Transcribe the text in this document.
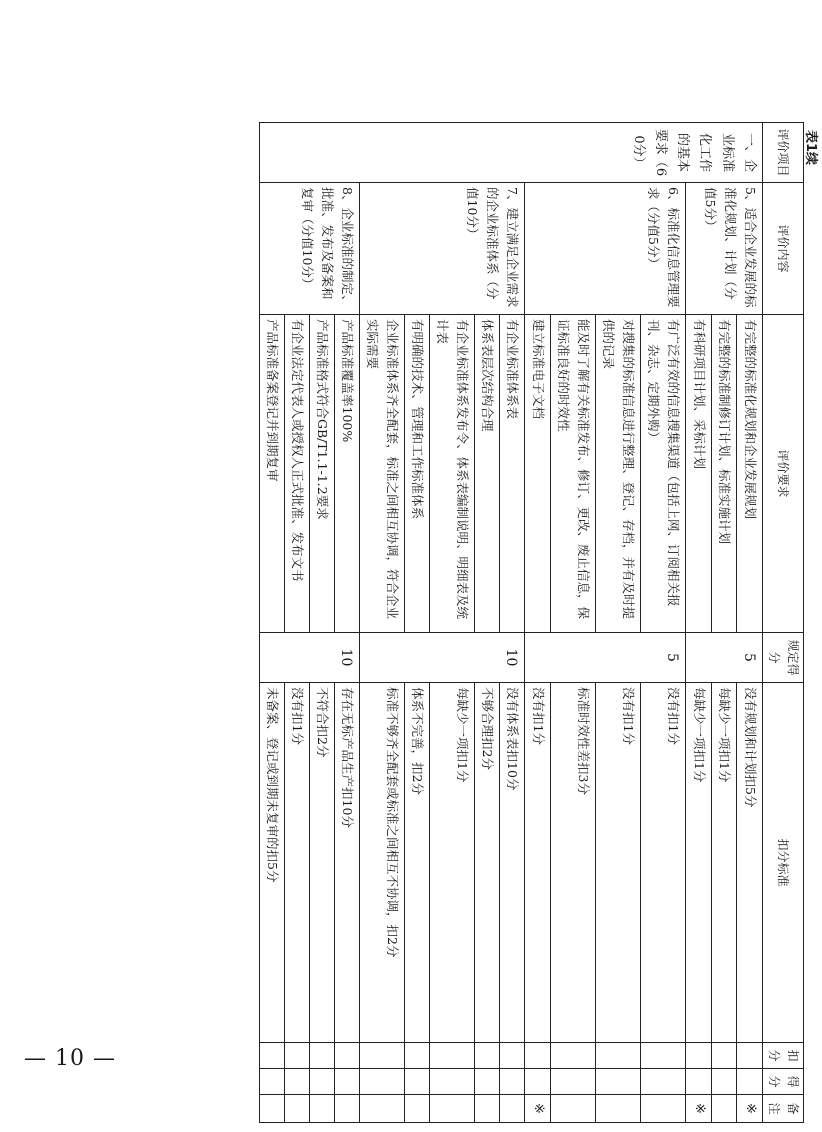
表1续
评价项目	评价内容	评价要求	规定得分	扣分标准	扣分	得分	备注
一、企业标准化工作的基本要求（60分）	5、适合企业发展的标准化规划、计划（分值5分）	有完整的标准化规划和企业发展规划	5	没有规划和计划扣5分			※
		有完整的标准制修订计划、标准实施计划		每缺少一项扣1分			
		有科研项目计划、采标计划		每缺少一项扣1分			※
	6、标准化信息管理要求（分值5分）	有广泛有效的信息搜集渠道（包括上网、订阅相关报刊、杂志、定期外购）	5	没有扣1分			
		对搜集的标准信息进行整理、登记、存档，并有及时提供的记录		没有扣1分			
		能及时了解有关标准发布、修订、更改、废止信息，保证标准良好的时效性		标准时效性差扣3分			
		建立标准电子文档		没有扣1分			※
	7、建立满足企业需求的企业标准体系（分值10分）	有企业标准体系表	10	没有体系表扣10分			
		体系表层次结构合理		不够合理扣2分			
		有企业标准体系发布令、体系表编制说明、明细表及统计表		每缺少一项扣1分			
		有明确的技术、管理和工作标准体系		体系不完善，扣2分			
		企业标准体系齐全配套，标准之间相互协调，符合企业实际需要		标准不够齐全配套或标准之间相互不协调，扣2分			
	8、企业标准的制定、批准、发布及备案和复审（分值10分）	产品标准覆盖率100%	10	存在无标产品生产扣10分			
		产品标准格式符合GB/T1.1-1.2要求		不符合扣2分			
		有企业法定代表人或授权人正式批准、发布文书		没有扣1分			
		产品标准备案登记并到期复审		未备案、登记或到期未复审的扣5分			
— 10 —
